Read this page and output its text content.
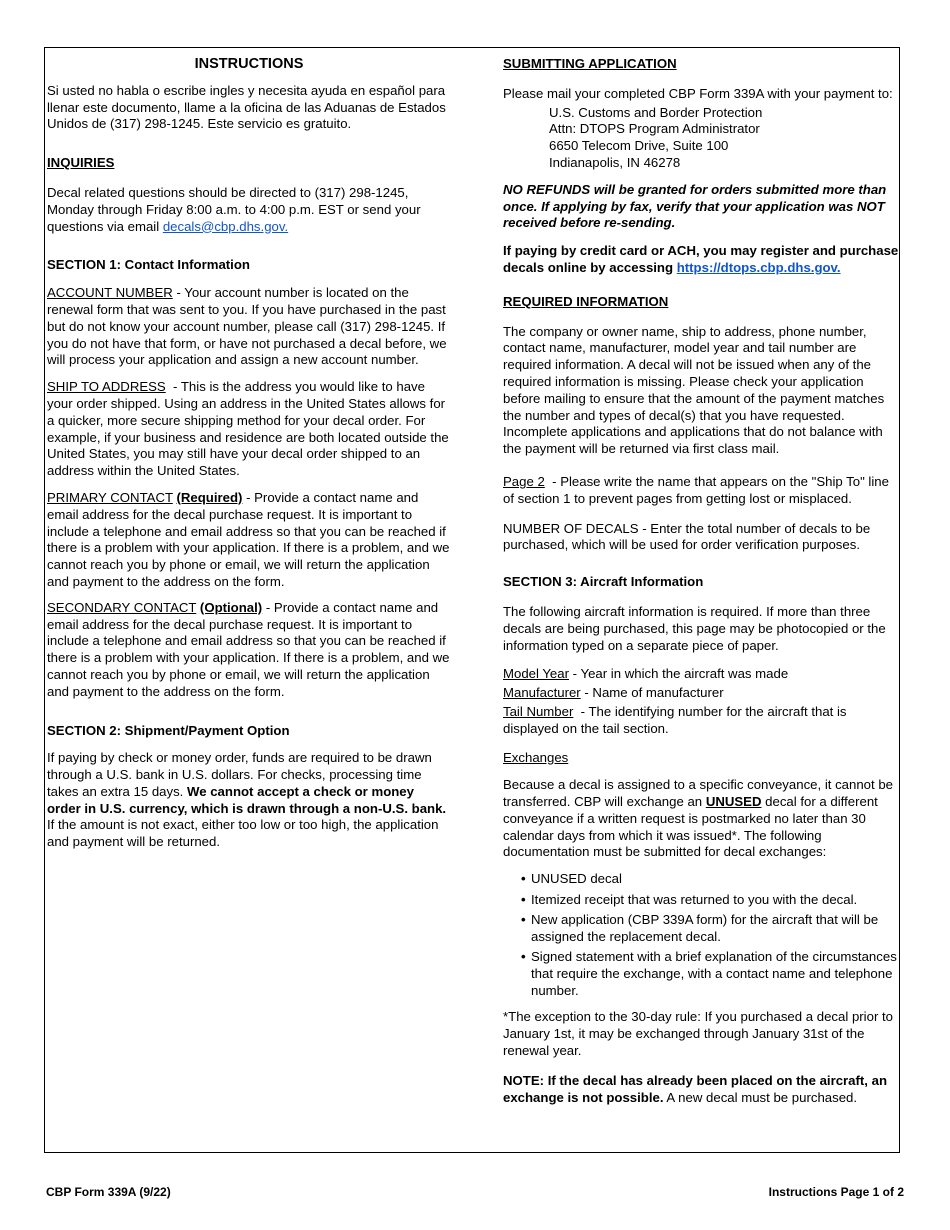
INSTRUCTIONS

Si usted no habla o escribe ingles y necesita ayuda en español para llenar este documento, llame a la oficina de las Aduanas de Estados Unidos de (317) 298-1245. Este servicio es gratuito.

INQUIRIES

Decal related questions should be directed to (317) 298-1245, Monday through Friday 8:00 a.m. to 4:00 p.m. EST or send your questions via email decals@cbp.dhs.gov.

SECTION 1: Contact Information

ACCOUNT NUMBER - Your account number is located on the renewal form that was sent to you. If you have purchased in the past but do not know your account number, please call (317) 298-1245. If you do not have that form, or have not purchased a decal before, we will process your application and assign a new account number.

SHIP TO ADDRESS  - This is the address you would like to have your order shipped. Using an address in the United States allows for a quicker, more secure shipping method for your decal order. For example, if your business and residence are both located outside the United States, you may still have your decal order shipped to an address within the United States.

PRIMARY CONTACT (Required) - Provide a contact name and email address for the decal purchase request. It is important to include a telephone and email address so that you can be reached if there is a problem with your application. If there is a problem, and we cannot reach you by phone or email, we will return the application and payment to the address on the form.

SECONDARY CONTACT (Optional) - Provide a contact name and email address for the decal purchase request. It is important to include a telephone and email address so that you can be reached if there is a problem with your application. If there is a problem, and we cannot reach you by phone or email, we will return the application and payment to the address on the form.

SECTION 2: Shipment/Payment Option

If paying by check or money order, funds are required to be drawn through a U.S. bank in U.S. dollars. For checks, processing time takes an extra 15 days. We cannot accept a check or money order in U.S. currency, which is drawn through a non-U.S. bank. If the amount is not exact, either too low or too high, the application and payment will be returned.

SUBMITTING APPLICATION

Please mail your completed CBP Form 339A with your payment to:

U.S. Customs and Border Protection

Attn: DTOPS Program Administrator

6650 Telecom Drive, Suite 100

Indianapolis, IN 46278

NO REFUNDS will be granted for orders submitted more than once. If applying by fax, verify that your application was NOT received before re-sending.

If paying by credit card or ACH, you may register and purchase decals online by accessing https://dtops.cbp.dhs.gov.

REQUIRED INFORMATION

The company or owner name, ship to address, phone number, contact name, manufacturer, model year and tail number are required information. A decal will not be issued when any of the required information is missing. Please check your application before mailing to ensure that the amount of the payment matches the number and types of decal(s) that you have requested. Incomplete applications and applications that do not balance with the payment will be returned via first class mail.

Page 2  - Please write the name that appears on the "Ship To" line of section 1 to prevent pages from getting lost or misplaced.

NUMBER OF DECALS - Enter the total number of decals to be purchased, which will be used for order verification purposes.

SECTION 3: Aircraft Information

The following aircraft information is required. If more than three decals are being purchased, this page may be photocopied or the information typed on a separate piece of paper.

Model Year - Year in which the aircraft was made

Manufacturer - Name of manufacturer

Tail Number  - The identifying number for the aircraft that is displayed on the tail section.

Exchanges

Because a decal is assigned to a specific conveyance, it cannot be transferred. CBP will exchange an UNUSED decal for a different conveyance if a written request is postmarked no later than 30 calendar days from which it was issued*. The following documentation must be submitted for decal exchanges:

• UNUSED decal
• Itemized receipt that was returned to you with the decal.
• New application (CBP 339A form) for the aircraft that will be assigned the replacement decal.
• Signed statement with a brief explanation of the circumstances that require the exchange, with a contact name and telephone number.

*The exception to the 30-day rule: If you purchased a decal prior to January 1st, it may be exchanged through January 31st of the renewal year.

NOTE: If the decal has already been placed on the aircraft, an exchange is not possible. A new decal must be purchased.

CBP Form 339A (9/22)	Instructions Page 1 of 2
